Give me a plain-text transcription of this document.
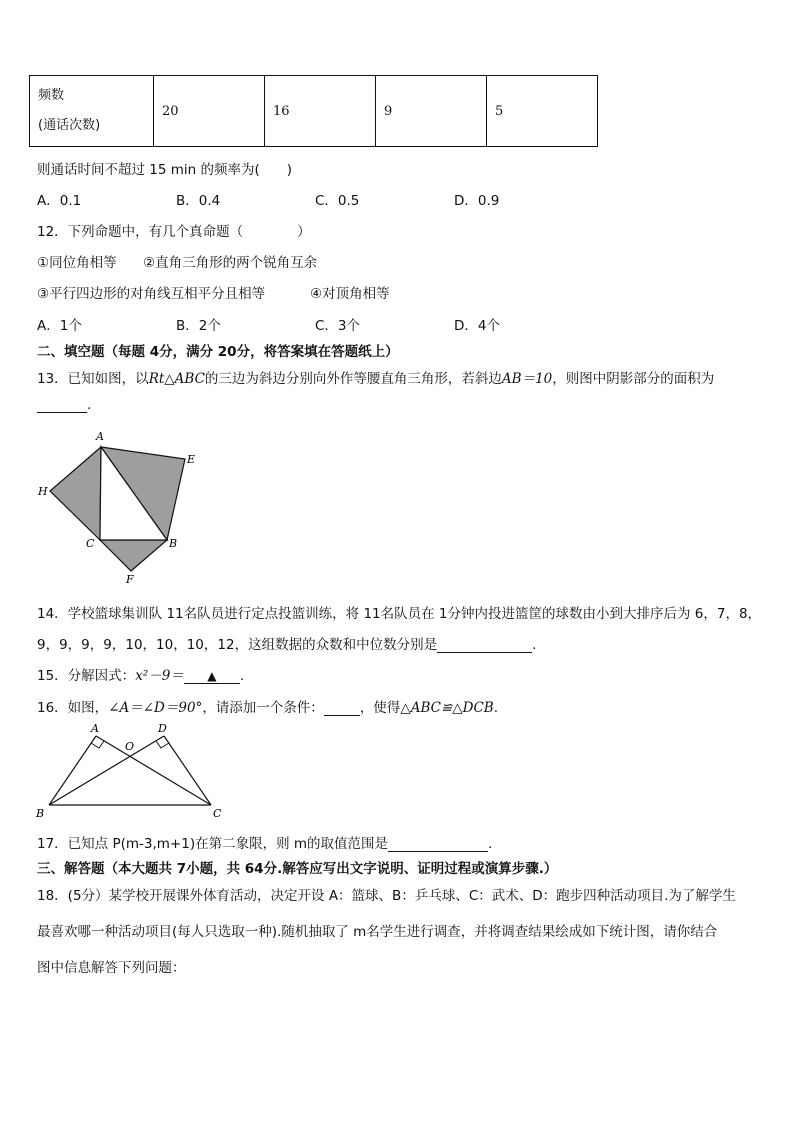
频数
(通话次数)
	20	16	9	5
则通话时间不超过 15 min 的频率为(　　)
A．0.1	B．0.4	C．0.5	D．0.9
12．下列命题中，有几个真命题（　　　　）
①同位角相等 ②直角三角形的两个锐角互余
③平行四边形的对角线互相平分且相等	④对顶角相等
A．1个	B．2个	C．3个	D．4个
二、填空题（每题 4分，满分 20分，将答案填在答题纸上）
13．已知如图，以Rt△ABC的三边为斜边分别向外作等腰直角三角形，若斜边AB＝10，则图中阴影部分的面积为
.
A
E
H
C	B
F
14．学校篮球集训队 11名队员进行定点投篮训练，将 11名队员在 1分钟内投进篮筐的球数由小到大排序后为 6，7，8，
9，9，9，9，10，10，10，12，这组数据的众数和中位数分别是	.
15．分解因式：x²－9＝ ▲ .
16．如图，∠A＝∠D＝90°，请添加一个条件：	，使得△ABC≌△DCB.
A	D
O
B	C
17．已知点 P(m-3,m+1)在第二象限，则 m的取值范围是	.
三、解答题（本大题共 7小题，共 64分.解答应写出文字说明、证明过程或演算步骤.）
18．(5分）某学校开展课外体育活动，决定开设 A：篮球、B：乒乓球、C：武术、D：跑步四种活动项目.为了解学生
最喜欢哪一种活动项目(每人只选取一种).随机抽取了 m名学生进行调查，并将调查结果绘成如下统计图，请你结合
图中信息解答下列问题：
